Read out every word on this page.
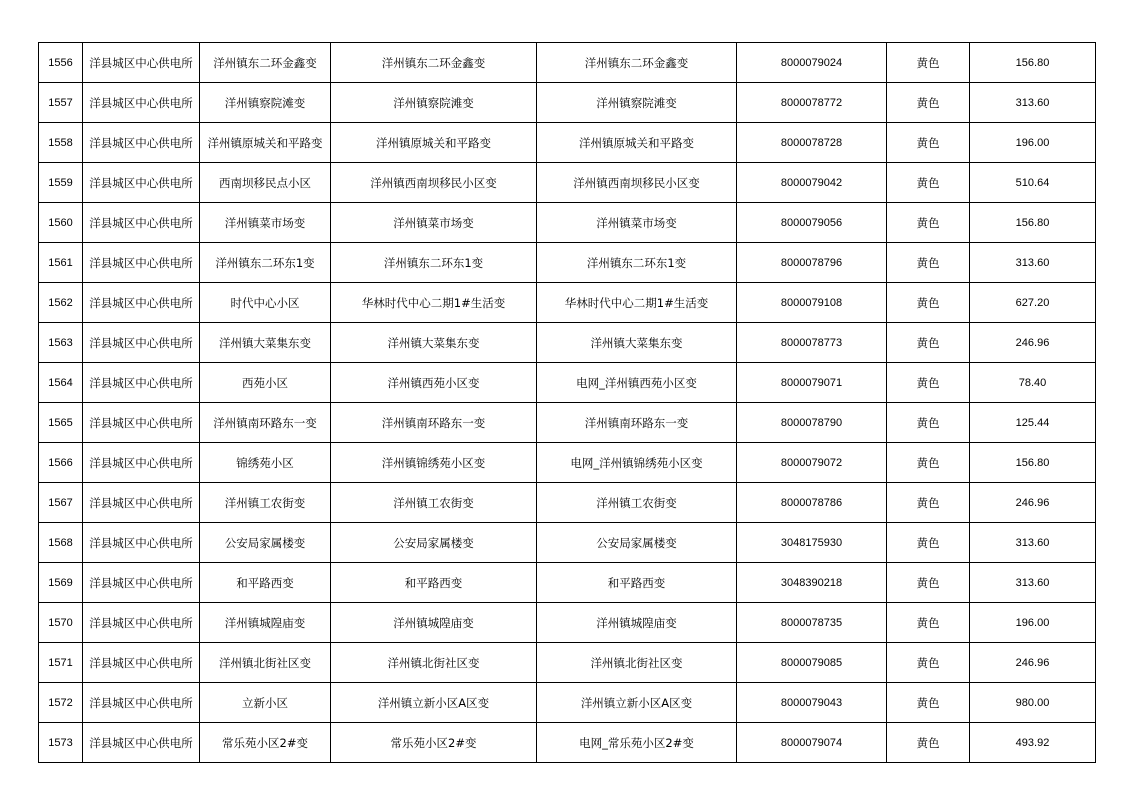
1556	洋县城区中心供电所	洋州镇东二环金鑫变	洋州镇东二环金鑫变	洋州镇东二环金鑫变	8000079024	黄色	156.80
1557	洋县城区中心供电所	洋州镇察院滩变	洋州镇察院滩变	洋州镇察院滩变	8000078772	黄色	313.60
1558	洋县城区中心供电所	洋州镇原城关和平路变	洋州镇原城关和平路变	洋州镇原城关和平路变	8000078728	黄色	196.00
1559	洋县城区中心供电所	西南坝移民点小区	洋州镇西南坝移民小区变	洋州镇西南坝移民小区变	8000079042	黄色	510.64
1560	洋县城区中心供电所	洋州镇菜市场变	洋州镇菜市场变	洋州镇菜市场变	8000079056	黄色	156.80
1561	洋县城区中心供电所	洋州镇东二环东1变	洋州镇东二环东1变	洋州镇东二环东1变	8000078796	黄色	313.60
1562	洋县城区中心供电所	时代中心小区	华林时代中心二期1#生活变	华林时代中心二期1#生活变	8000079108	黄色	627.20
1563	洋县城区中心供电所	洋州镇大菜集东变	洋州镇大菜集东变	洋州镇大菜集东变	8000078773	黄色	246.96
1564	洋县城区中心供电所	西苑小区	洋州镇西苑小区变	电网_洋州镇西苑小区变	8000079071	黄色	78.40
1565	洋县城区中心供电所	洋州镇南环路东一变	洋州镇南环路东一变	洋州镇南环路东一变	8000078790	黄色	125.44
1566	洋县城区中心供电所	锦绣苑小区	洋州镇锦绣苑小区变	电网_洋州镇锦绣苑小区变	8000079072	黄色	156.80
1567	洋县城区中心供电所	洋州镇工农街变	洋州镇工农街变	洋州镇工农街变	8000078786	黄色	246.96
1568	洋县城区中心供电所	公安局家属楼变	公安局家属楼变	公安局家属楼变	3048175930	黄色	313.60
1569	洋县城区中心供电所	和平路西变	和平路西变	和平路西变	3048390218	黄色	313.60
1570	洋县城区中心供电所	洋州镇城隍庙变	洋州镇城隍庙变	洋州镇城隍庙变	8000078735	黄色	196.00
1571	洋县城区中心供电所	洋州镇北街社区变	洋州镇北街社区变	洋州镇北街社区变	8000079085	黄色	246.96
1572	洋县城区中心供电所	立新小区	洋州镇立新小区A区变	洋州镇立新小区A区变	8000079043	黄色	980.00
1573	洋县城区中心供电所	常乐苑小区2#变	常乐苑小区2#变	电网_常乐苑小区2#变	8000079074	黄色	493.92
